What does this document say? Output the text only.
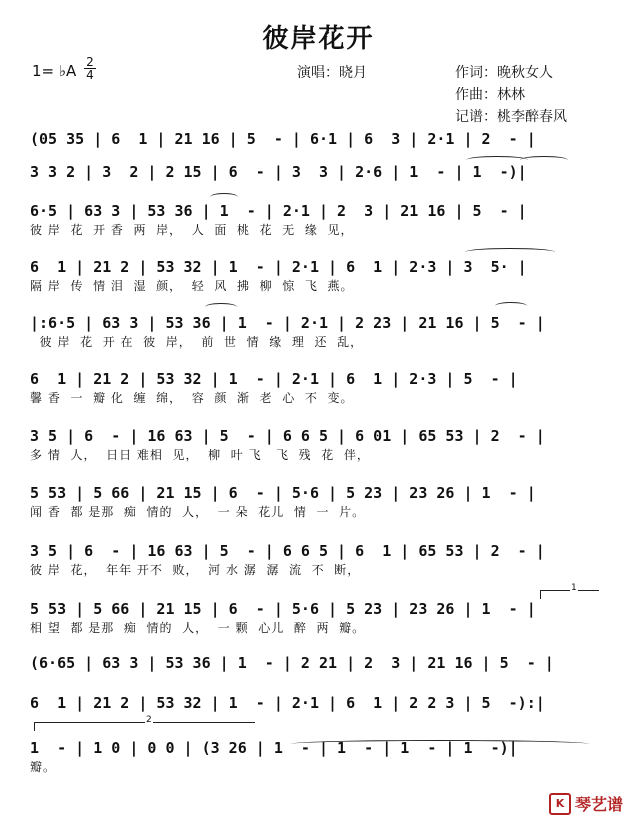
彼岸花开
1= ♭A 2
4	演唱：晓月	作词：晚秋女人
作曲：林林
记谱：桃李醉春风
(05 35 | 6  1 | 21 16 | 5  - | 6·1 | 6  3 | 2·1 | 2  - |
3 3 2 | 3  2 | 2 15 | 6  - | 3  3 | 2·6 | 1  - | 1  -)|
6·5 | 63 3 | 53 36 | 1  - | 2·1 | 2  3 | 21 16 | 5  - |
彼 岸  花  开 香  两  岸，  人  面  桃  花  无  缘  见，
6  1 | 21 2 | 53 32 | 1  - | 2·1 | 6  1 | 2·3 | 3  5· |
隔 岸  传  情 泪  湿  颜，  轻  风  拂  柳  惊  飞  燕。
|:6·5 | 63 3 | 53 36 | 1  - | 2·1 | 2 23 | 21 16 | 5  - |
彼 岸  花  开 在  彼  岸，  前  世  情  缘  理  还  乱，
6  1 | 21 2 | 53 32 | 1  - | 2·1 | 6  1 | 2·3 | 5  - |
馨 香  一  瓣 化  缠  绵，  容  颜  渐  老  心  不  变。
3 5 | 6  - | 16 63 | 5  - | 6 6 5 | 6 01 | 65 53 | 2  - |
多 情  人，  日日 难相  见，  柳  叶 飞   飞  残  花  伴，
5 53 | 5 66 | 21 15 | 6  - | 5·6 | 5 23 | 23 26 | 1  - |
闻 香  都 是那  痴  情的  人，  一 朵  花儿  情  一  片。
3 5 | 6  - | 16 63 | 5  - | 6 6 5 | 6  1 | 65 53 | 2  - |
彼 岸  花，  年年 开不  败，  河 水 潺  潺  流  不  断，
5 53 | 5 66 | 21 15 | 6  - | 5·6 | 5 23 | 23 26 | 1  - |
相 望  都 是那  痴  情的  人，  一 颗  心儿  醉  两  瓣。
(6·65 | 63 3 | 53 36 | 1  - | 2 21 | 2  3 | 21 16 | 5  - |
6  1 | 21 2 | 53 32 | 1  - | 2·1 | 6  1 | 2 2 3 | 5  -):|
1  - | 1 0 | 0 0 | (3 26 | 1  - | 1  - | 1  - | 1  -)|
瓣。
1
2
K 琴艺谱
